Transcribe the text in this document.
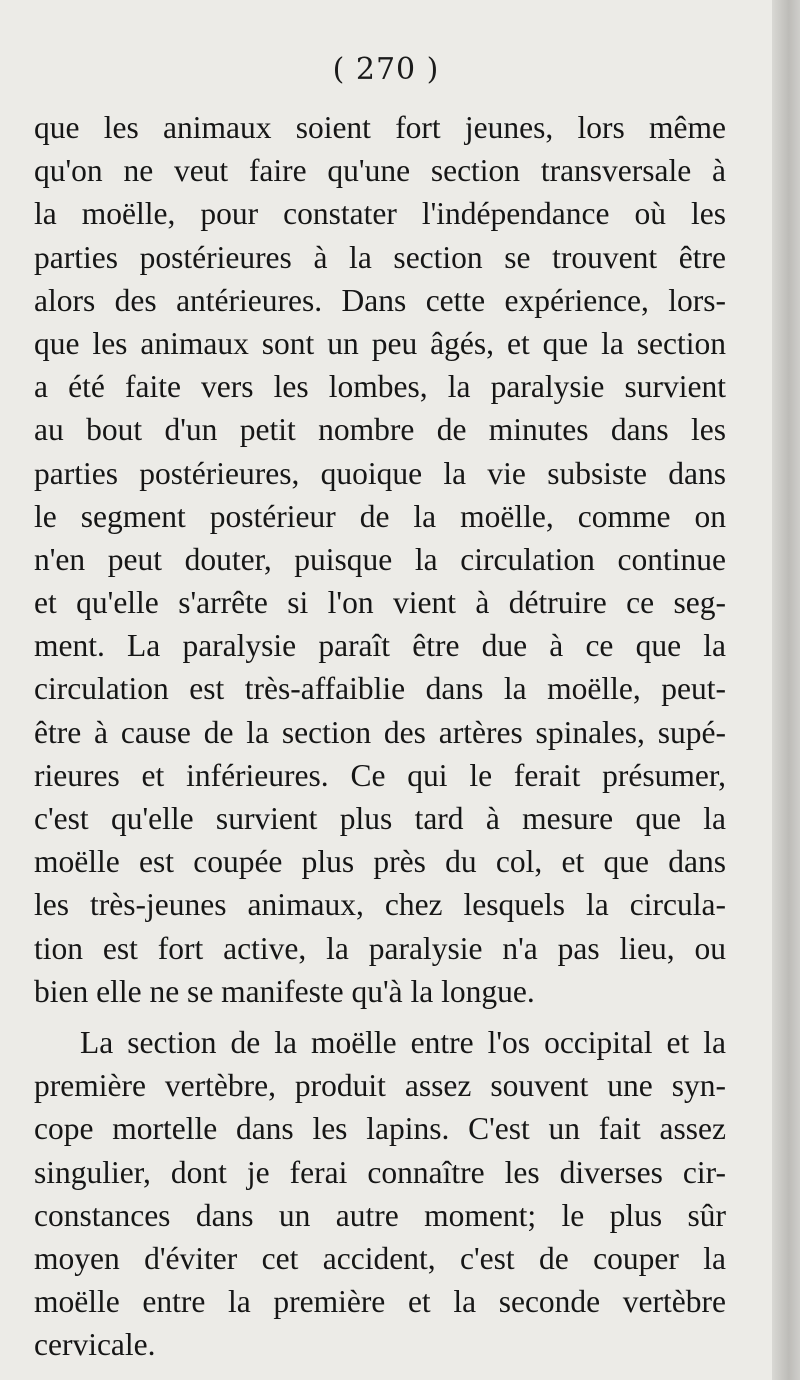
( 270 )
que les animaux soient fort jeunes, lors même
qu'on ne veut faire qu'une section transversale à
la moëlle, pour constater l'indépendance où les
parties postérieures à la section se trouvent être
alors des antérieures. Dans cette expérience, lors-
que les animaux sont un peu âgés, et que la section
a été faite vers les lombes, la paralysie survient
au bout d'un petit nombre de minutes dans les
parties postérieures, quoique la vie subsiste dans
le segment postérieur de la moëlle, comme on
n'en peut douter, puisque la circulation continue
et qu'elle s'arrête si l'on vient à détruire ce seg-
ment. La paralysie paraît être due à ce que la
circulation est très-affaiblie dans la moëlle, peut-
être à cause de la section des artères spinales, supé-
rieures et inférieures. Ce qui le ferait présumer,
c'est qu'elle survient plus tard à mesure que la
moëlle est coupée plus près du col, et que dans
les très-jeunes animaux, chez lesquels la circula-
tion est fort active, la paralysie n'a pas lieu, ou
bien elle ne se manifeste qu'à la longue.
La section de la moëlle entre l'os occipital et la
première vertèbre, produit assez souvent une syn-
cope mortelle dans les lapins. C'est un fait assez
singulier, dont je ferai connaître les diverses cir-
constances dans un autre moment; le plus sûr
moyen d'éviter cet accident, c'est de couper la
moëlle entre la première et la seconde vertèbre
cervicale.
